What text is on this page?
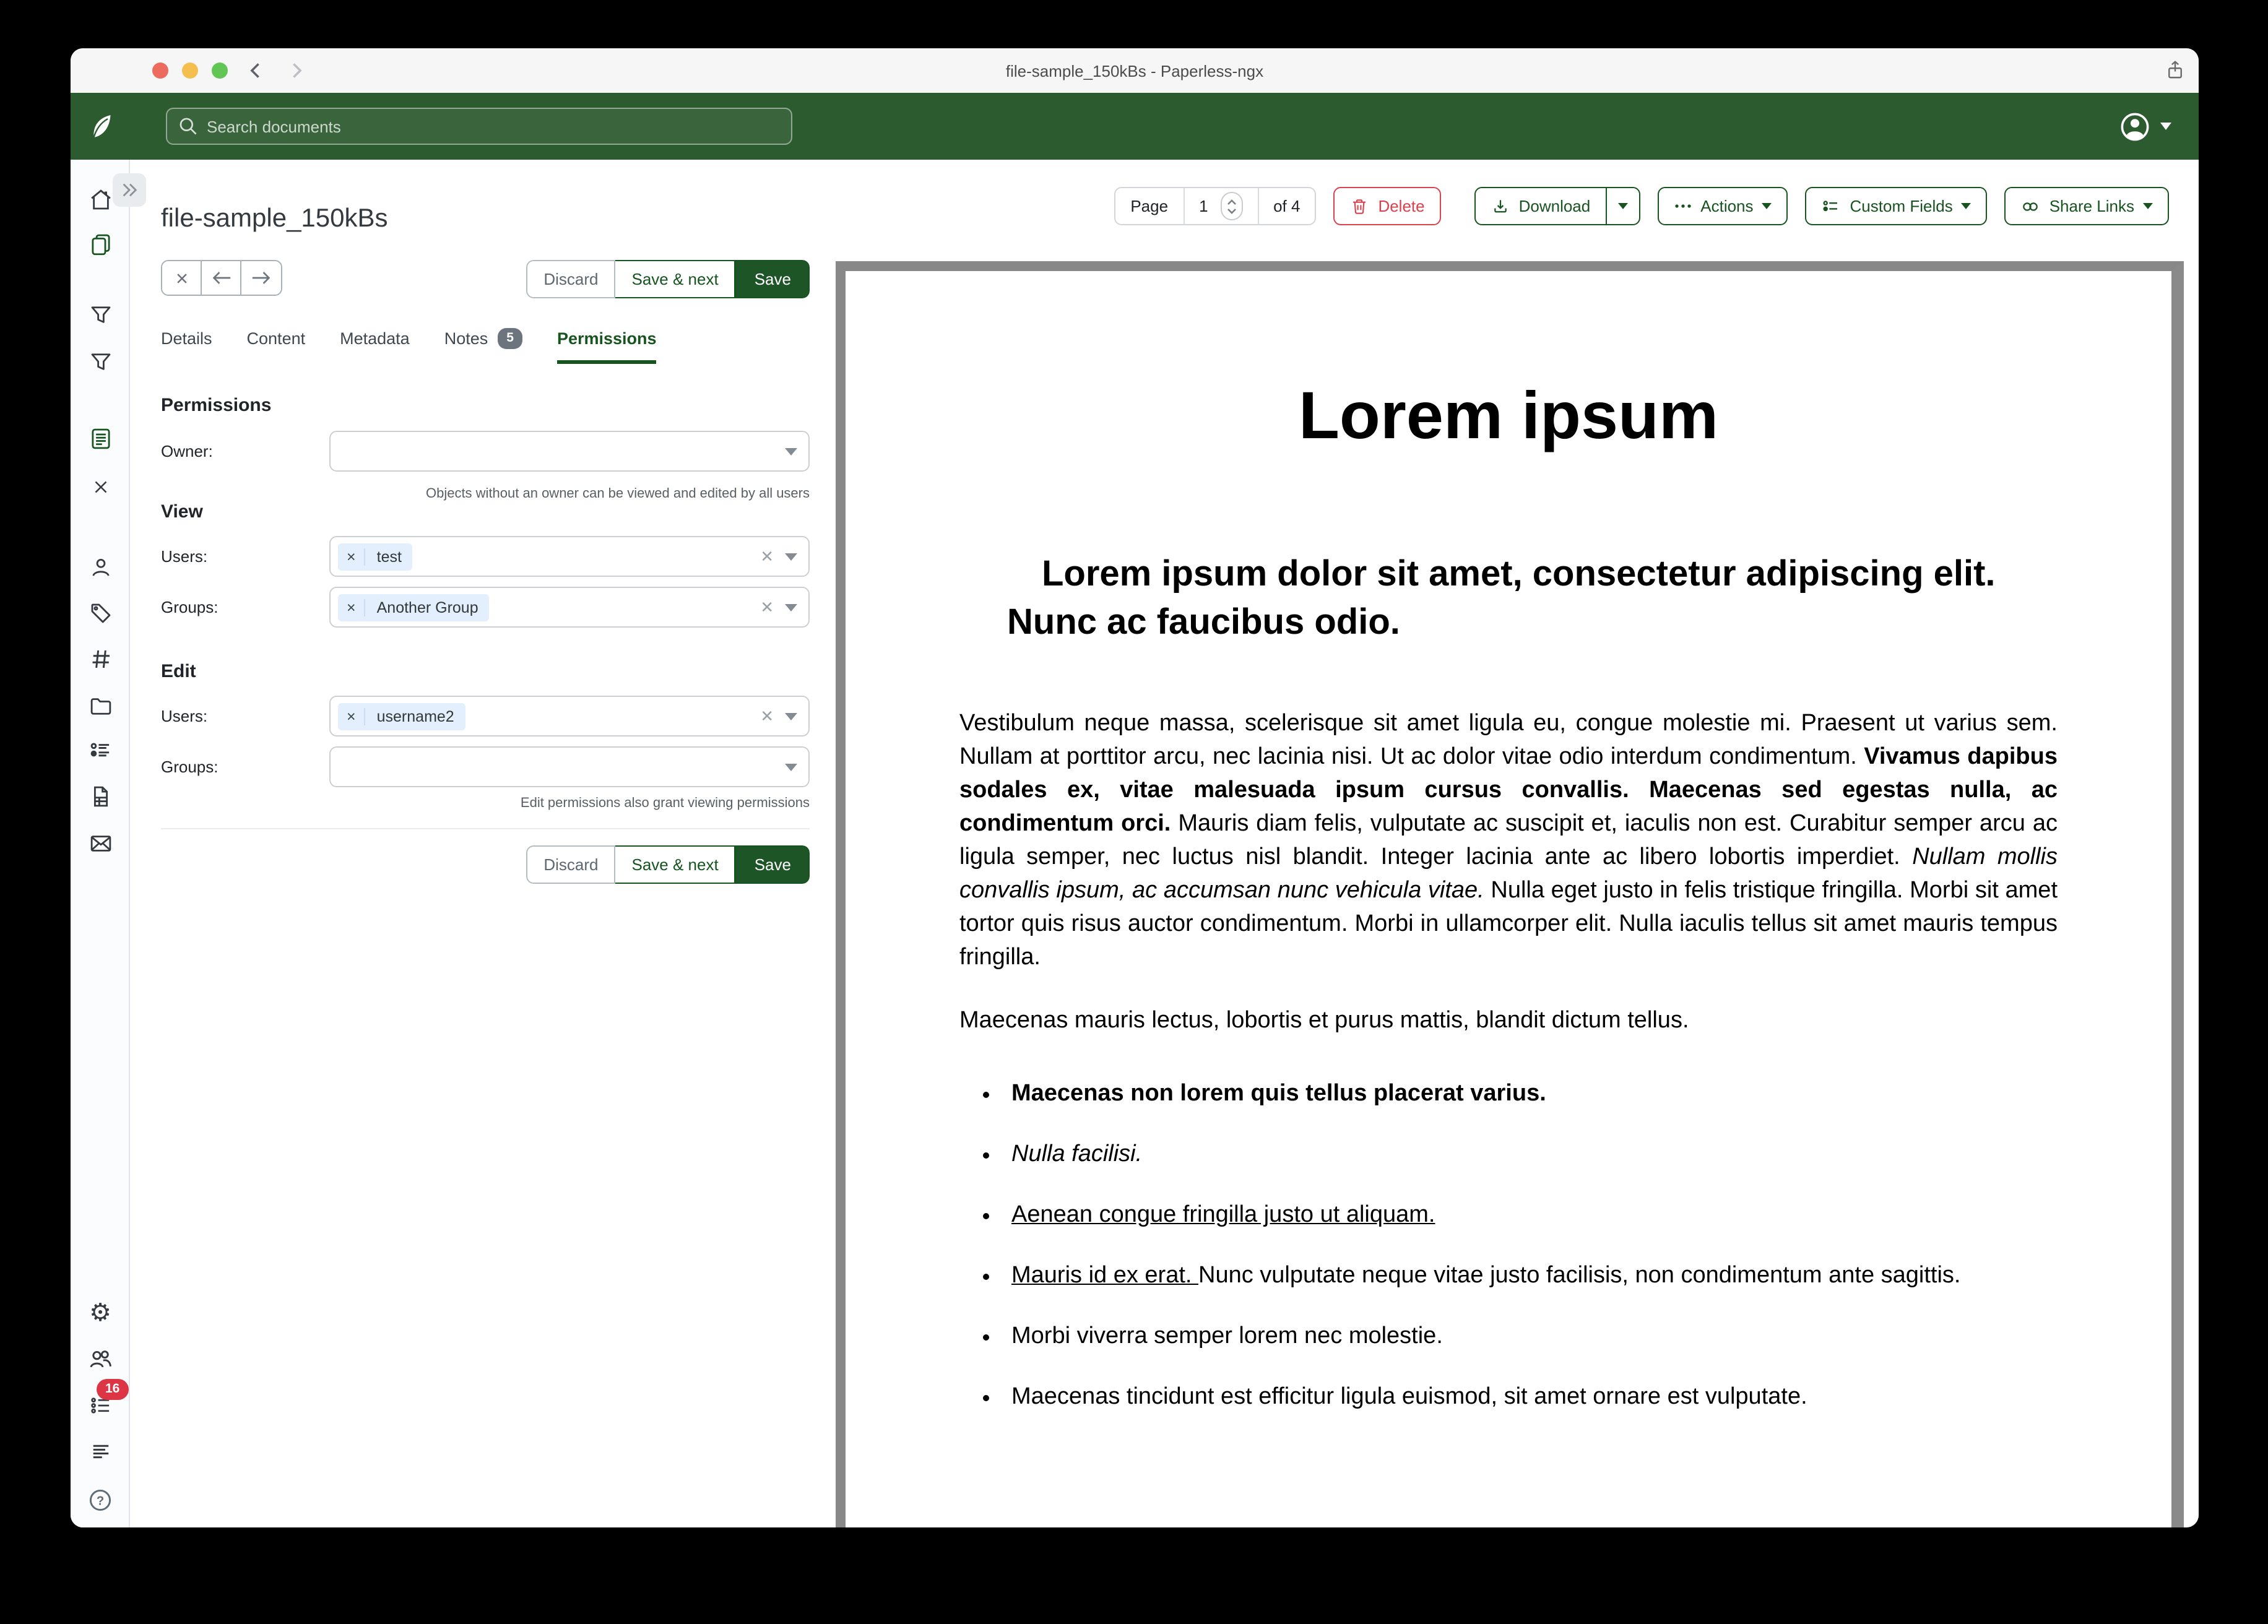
file-sample_150kBs - Paperless-ngx
Search documents
⚙
16
?
file-sample_150kBs	Page
1	of 4	Delete	Download	Actions	Custom Fields	Share Links
Discard	Save & next	Save
Details	Content	Metadata	Notes	5	Permissions
Permissions
Owner:
Objects without an owner can be viewed and edited by all users
View
Users:	×	test	✕
Groups:	×	Another Group	✕
Edit
Users:	×	username2	✕
Groups:
Edit permissions also grant viewing permissions
Discard	Save & next	Save
Lorem ipsum
Lorem ipsum dolor sit amet, consectetur adipiscing elit. Nunc ac faucibus odio.

Vestibulum neque massa, scelerisque sit amet ligula eu, congue molestie mi. Praesent ut varius sem. Nullam at porttitor arcu, nec lacinia nisi. Ut ac dolor vitae odio interdum condimentum. Vivamus dapibus sodales ex, vitae malesuada ipsum cursus convallis. Maecenas sed egestas nulla, ac condimentum orci. Mauris diam felis, vulputate ac suscipit et, iaculis non est. Curabitur semper arcu ac ligula semper, nec luctus nisl blandit. Integer lacinia ante ac libero lobortis imperdiet. Nullam mollis convallis ipsum, ac accumsan nunc vehicula vitae. Nulla eget justo in felis tristique fringilla. Morbi sit amet tortor quis risus auctor condimentum. Morbi in ullamcorper elit. Nulla iaculis tellus sit amet mauris tempus fringilla.

Maecenas mauris lectus, lobortis et purus mattis, blandit dictum tellus.

• Maecenas non lorem quis tellus placerat varius.
• Nulla facilisi.
• Aenean congue fringilla justo ut aliquam.
• Mauris id ex erat. Nunc vulputate neque vitae justo facilisis, non condimentum ante sagittis.
• Morbi viverra semper lorem nec molestie.
• Maecenas tincidunt est efficitur ligula euismod, sit amet ornare est vulputate.
